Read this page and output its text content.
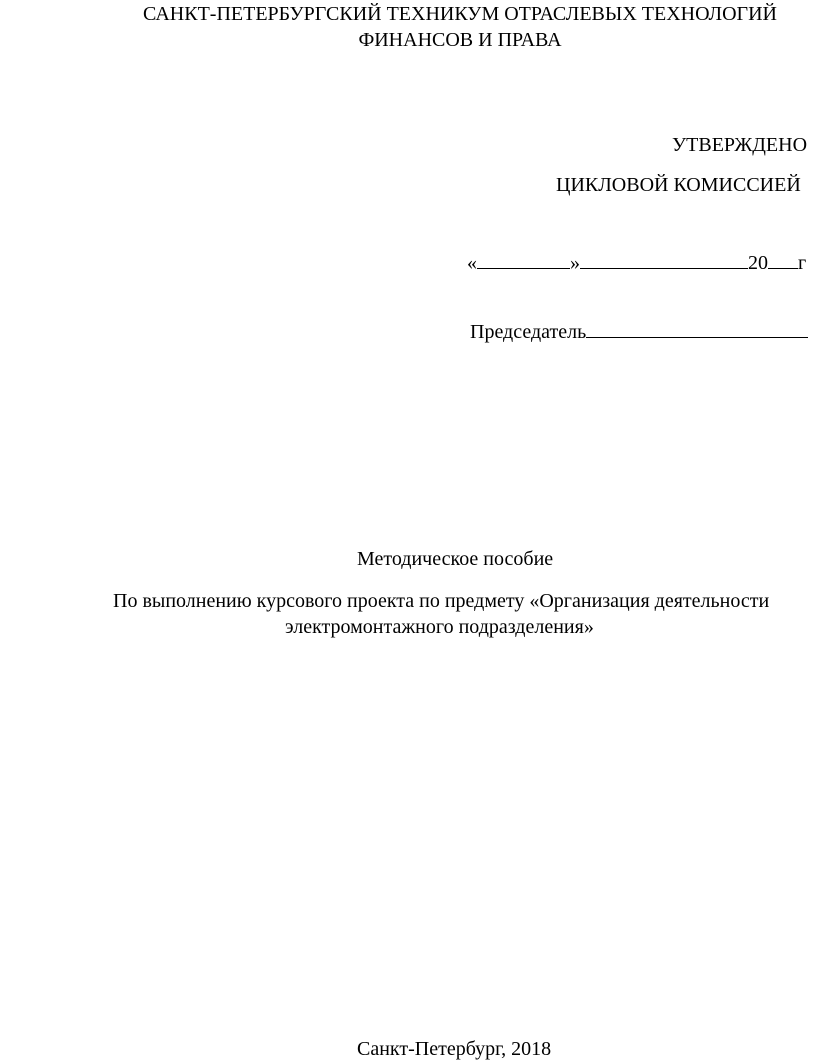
САНКТ-ПЕТЕРБУРГСКИЙ ТЕХНИКУМ ОТРАСЛЕВЫХ ТЕХНОЛОГИЙ
ФИНАНСОВ И ПРАВА
УТВЕРЖДЕНО
ЦИКЛОВОЙ КОМИССИЕЙ
«	»	20 г
Председатель
Методическое пособие
По выполнению курсового проекта по предмету «Организация деятельности
электромонтажного подразделения»
Санкт-Петербург, 2018
